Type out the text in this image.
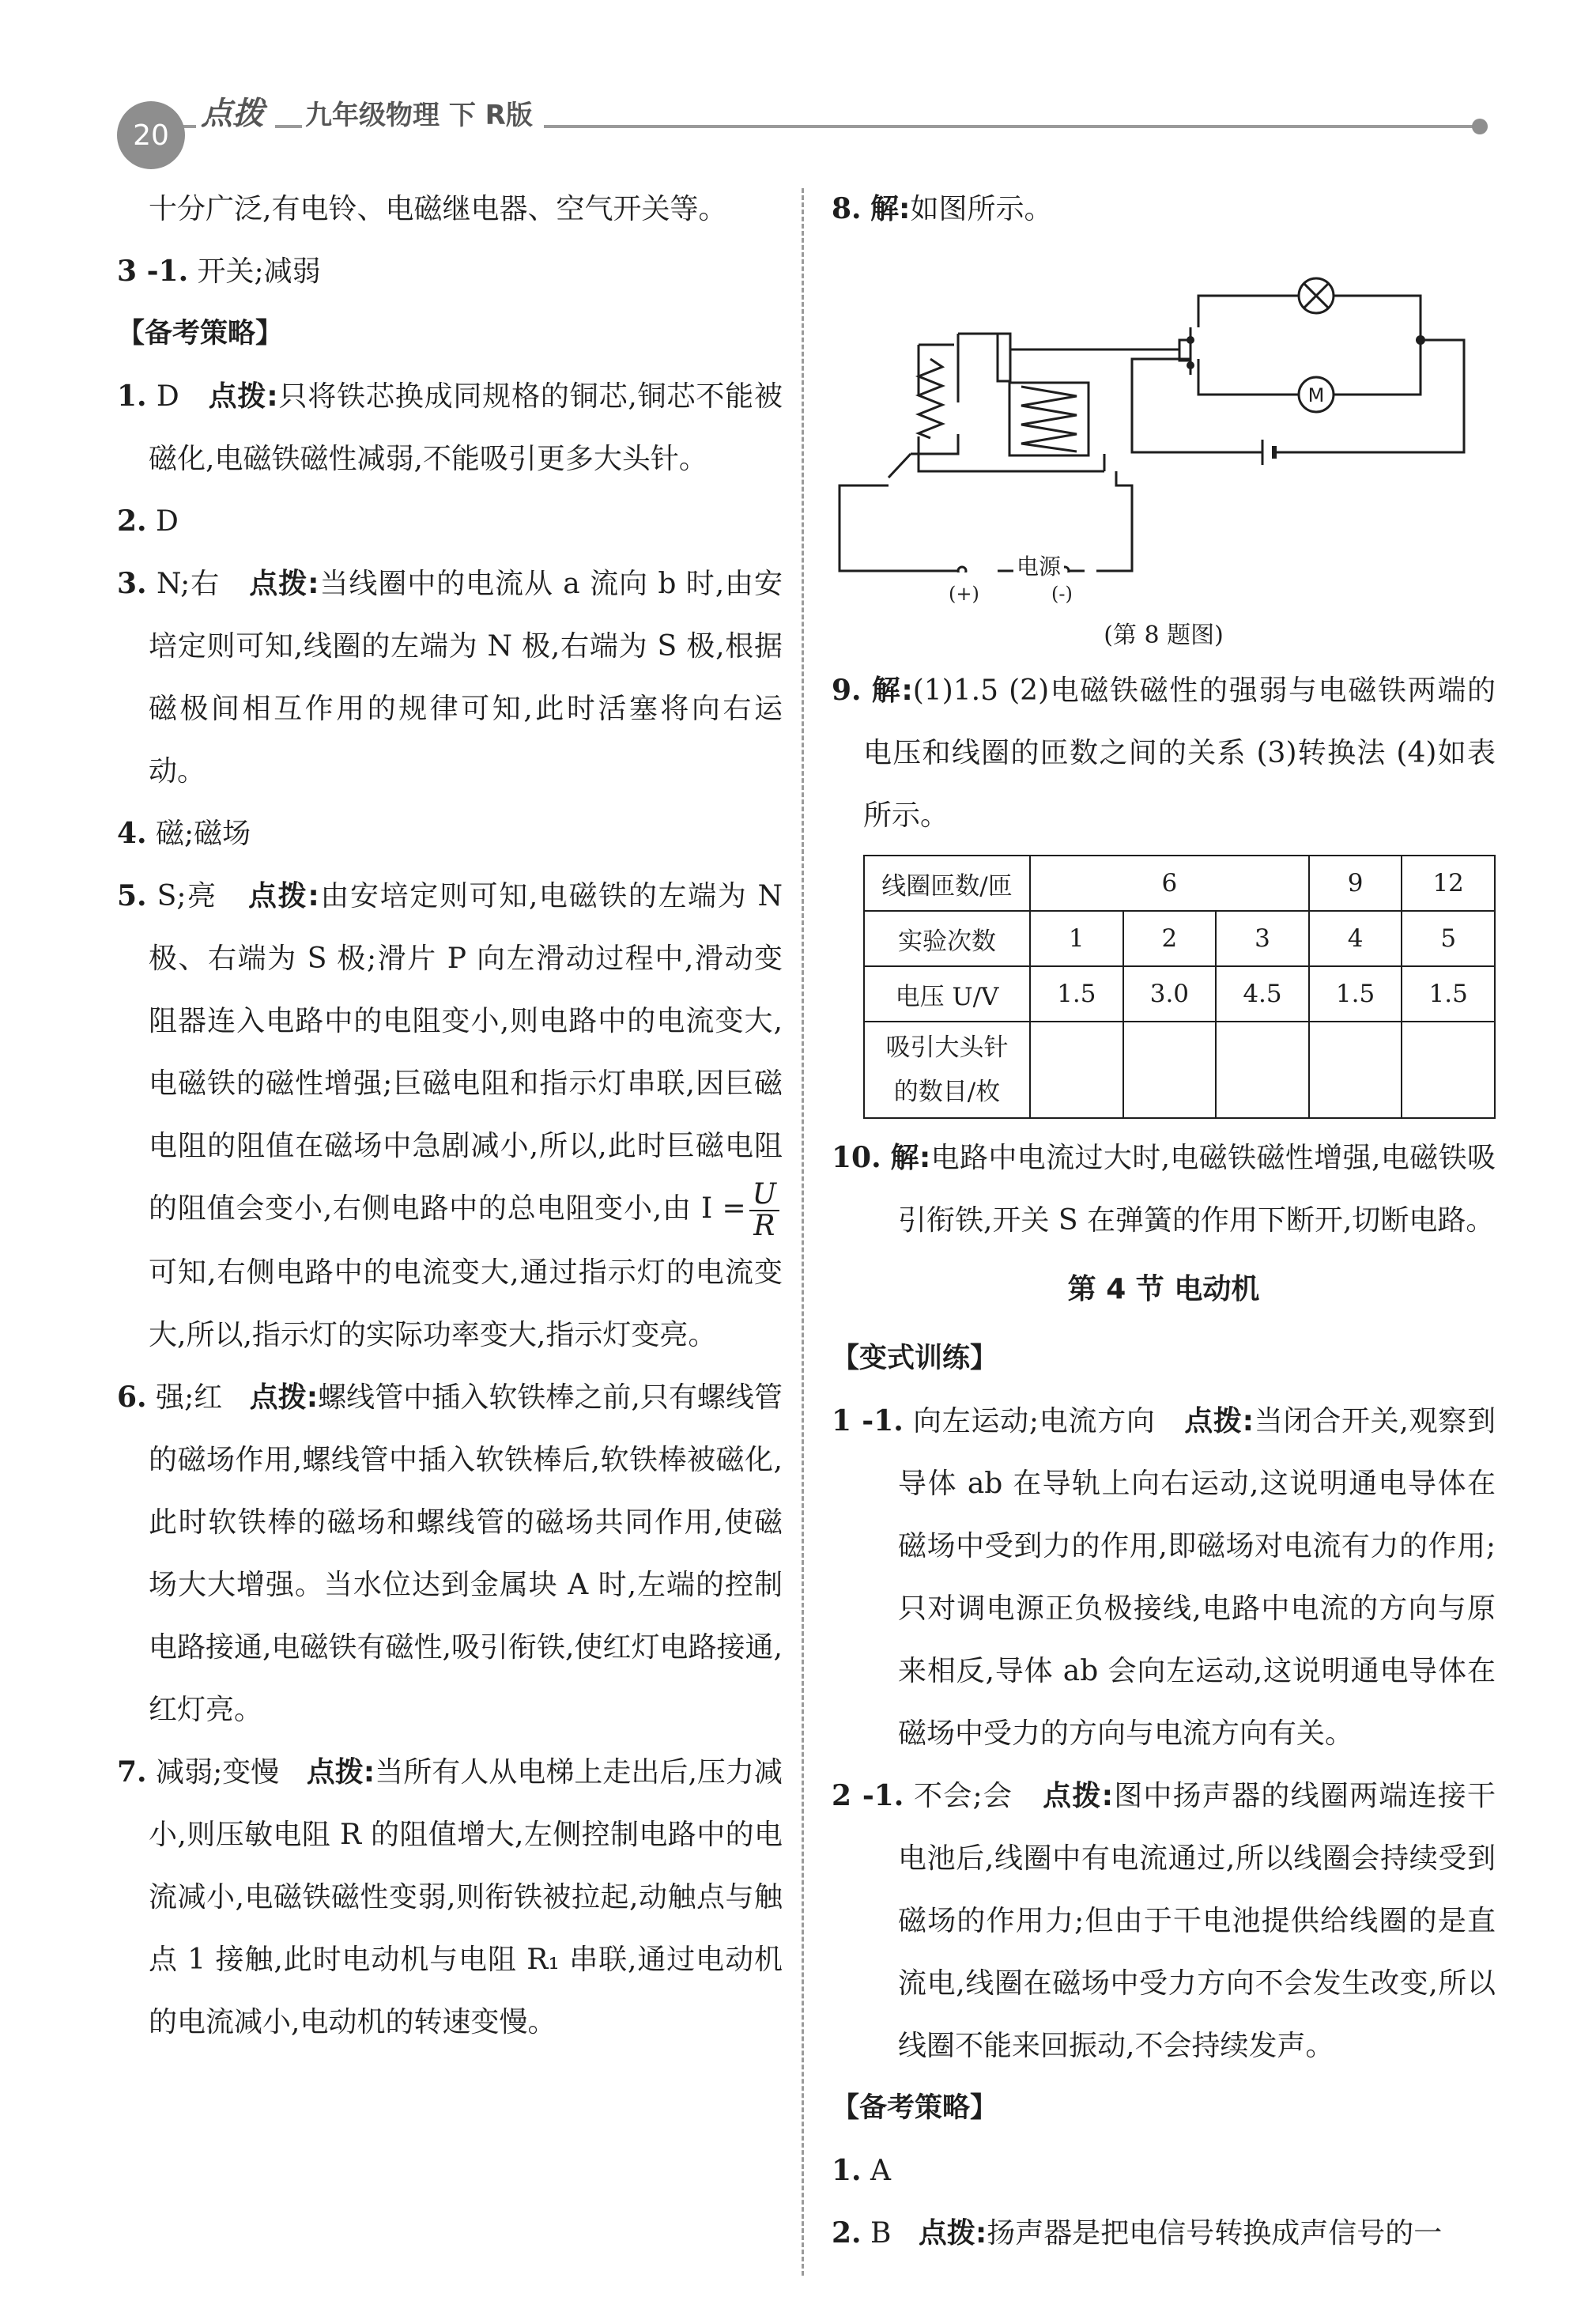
20
点拨	九年级物理 下 R版
十分广泛,有电铃、电磁继电器、空气开关等。
3 -1. 开关;减弱
【备考策略】
1. D 点拨:只将铁芯换成同规格的铜芯,铜芯不能被磁化,电磁铁磁性减弱,不能吸引更多大头针。
2. D
3. N;右 点拨:当线圈中的电流从 a 流向 b 时,由安培定则可知,线圈的左端为 N 极,右端为 S 极,根据磁极间相互作用的规律可知,此时活塞将向右运动。
4. 磁;磁场
5. S;亮 点拨:由安培定则可知,电磁铁的左端为 N 极、右端为 S 极;滑片 P 向左滑动过程中,滑动变阻器连入电路中的电阻变小,则电路中的电流变大,电磁铁的磁性增强;巨磁电阻和指示灯串联,因巨磁电阻的阻值在磁场中急剧减小,所以,此时巨磁电阻的阻值会变小,右侧电路中的总电阻变小,由 $I = \frac{U}{R}$
可知,右侧电路中的电流变大,通过指示灯的电流变大,所以,指示灯的实际功率变大,指示灯变亮。
6. 强;红 点拨:螺线管中插入软铁棒之前,只有螺线管的磁场作用,螺线管中插入软铁棒后,软铁棒被磁化,此时软铁棒的磁场和螺线管的磁场共同作用,使磁场大大增强。当水位达到金属块 A 时,左端的控制电路接通,电磁铁有磁性,吸引衔铁,使红灯电路接通,红灯亮。
7. 减弱;变慢 点拨:当所有人从电梯上走出后,压力减小,则压敏电阻 R 的阻值增大,左侧控制电路中的电流减小,电磁铁磁性变弱,则衔铁被拉起,动触点与触点 1 接触,此时电动机与电阻 R₁ 串联,通过电动机的电流减小,电动机的转速变慢。
8. 解:如图所示。
M
电源
(+)	(-)
(第 8 题图)
9. 解:(1)1.5 (2)电磁铁磁性的强弱与电磁铁两端的电压和线圈的匝数之间的关系 (3)转换法 (4)如表所示。
线圈匝数/匝	6			9	12
实验次数	1	2	3	4	5
电压 U/V	1.5	3.0	4.5	1.5	1.5
吸引大头针
的数目/枚					
10. 解:电路中电流过大时,电磁铁磁性增强,电磁铁吸引衔铁,开关 S 在弹簧的作用下断开,切断电路。
第 4 节 电动机
【变式训练】
1 -1. 向左运动;电流方向 点拨:当闭合开关,观察到导体 ab 在导轨上向右运动,这说明通电导体在磁场中受到力的作用,即磁场对电流有力的作用;只对调电源正负极接线,电路中电流的方向与原来相反,导体 ab 会向左运动,这说明通电导体在磁场中受力的方向与电流方向有关。
2 -1. 不会;会 点拨:图中扬声器的线圈两端连接干电池后,线圈中有电流通过,所以线圈会持续受到磁场的作用力;但由于干电池提供给线圈的是直流电,线圈在磁场中受力方向不会发生改变,所以线圈不能来回振动,不会持续发声。
【备考策略】
1. A
2. B 点拨:扬声器是把电信号转换成声信号的一
